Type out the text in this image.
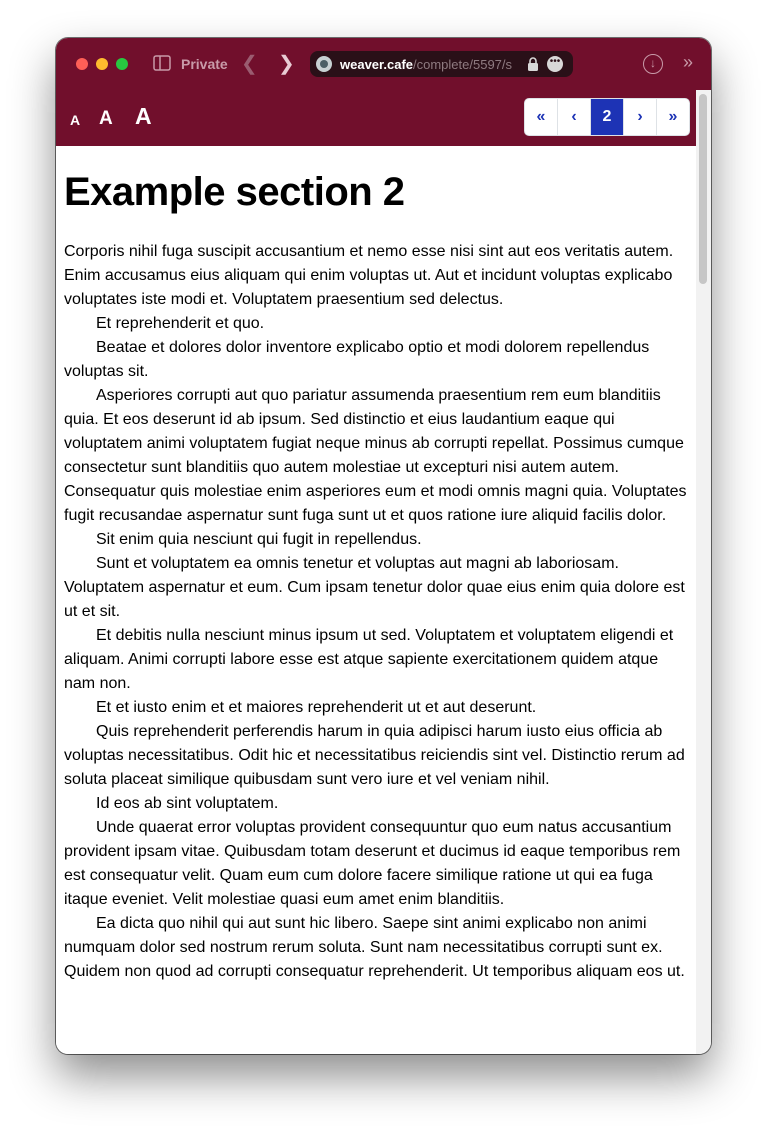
Private ❮ ❯	weaver.cafe/complete/5597/s	•••	↓	»
A A A	«	‹	2	›	»
Example section 2

Corporis nihil fuga suscipit accusantium et nemo esse nisi sint aut eos veritatis autem. Enim accusamus eius aliquam qui enim voluptas ut. Aut et incidunt voluptas explicabo voluptates iste modi et. Voluptatem praesentium sed delectus.

Et reprehenderit et quo.

Beatae et dolores dolor inventore explicabo optio et modi dolorem repellendus voluptas sit.

Asperiores corrupti aut quo pariatur assumenda praesentium rem eum blanditiis quia. Et eos deserunt id ab ipsum. Sed distinctio et eius laudantium eaque qui voluptatem animi voluptatem fugiat neque minus ab corrupti repellat. Possimus cumque consectetur sunt blanditiis quo autem molestiae ut excepturi nisi autem autem. Consequatur quis molestiae enim asperiores eum et modi omnis magni quia. Voluptates fugit recusandae aspernatur sunt fuga sunt ut et quos ratione iure aliquid facilis dolor.

Sit enim quia nesciunt qui fugit in repellendus.

Sunt et voluptatem ea omnis tenetur et voluptas aut magni ab laboriosam. Voluptatem aspernatur et eum. Cum ipsam tenetur dolor quae eius enim quia dolore est ut et sit.

Et debitis nulla nesciunt minus ipsum ut sed. Voluptatem et voluptatem eligendi et aliquam. Animi corrupti labore esse est atque sapiente exercitationem quidem atque nam non.

Et et iusto enim et et maiores reprehenderit ut et aut deserunt.

Quis reprehenderit perferendis harum in quia adipisci harum iusto eius officia ab voluptas necessitatibus. Odit hic et necessitatibus reiciendis sint vel. Distinctio rerum ad soluta placeat similique quibusdam sunt vero iure et vel veniam nihil.

Id eos ab sint voluptatem.

Unde quaerat error voluptas provident consequuntur quo eum natus accusantium provident ipsam vitae. Quibusdam totam deserunt et ducimus id eaque temporibus rem est consequatur velit. Quam eum cum dolore facere similique ratione ut qui ea fuga itaque eveniet. Velit molestiae quasi eum amet enim blanditiis.

Ea dicta quo nihil qui aut sunt hic libero. Saepe sint animi explicabo non animi numquam dolor sed nostrum rerum soluta. Sunt nam necessitatibus corrupti sunt ex. Quidem non quod ad corrupti consequatur reprehenderit. Ut temporibus aliquam eos ut.
